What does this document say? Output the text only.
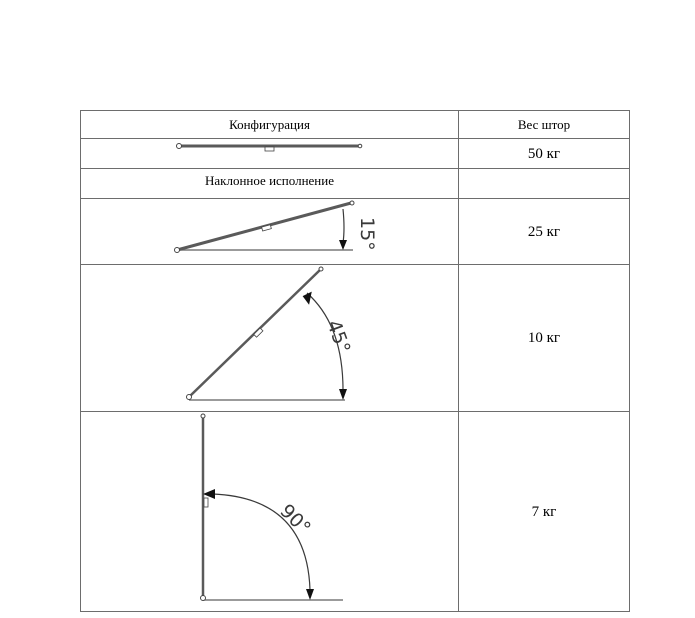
Конфигурация	Вес штор

	50 кг

Наклонное исполнение	

15°	25 кг

45°	10 кг

90°	7 кг
